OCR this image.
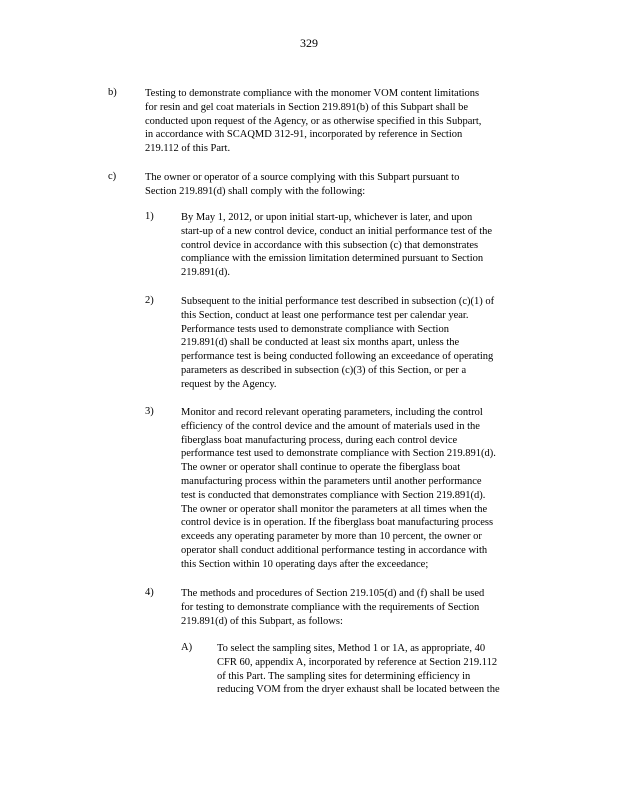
329
b)	Testing to demonstrate compliance with the monomer VOM content limitations
for resin and gel coat materials in Section 219.891(b) of this Subpart shall be
conducted upon request of the Agency, or as otherwise specified in this Subpart,
in accordance with SCAQMD 312-91, incorporated by reference in Section
219.112 of this Part.
c)	The owner or operator of a source complying with this Subpart pursuant to
Section 219.891(d) shall comply with the following:
1)	By May 1, 2012, or upon initial start-up, whichever is later, and upon
start-up of a new control device, conduct an initial performance test of the
control device in accordance with this subsection (c) that demonstrates
compliance with the emission limitation determined pursuant to Section
219.891(d).
2)	Subsequent to the initial performance test described in subsection (c)(1) of
this Section, conduct at least one performance test per calendar year.
Performance tests used to demonstrate compliance with Section
219.891(d) shall be conducted at least six months apart, unless the
performance test is being conducted following an exceedance of operating
parameters as described in subsection (c)(3) of this Section, or per a
request by the Agency.
3)	Monitor and record relevant operating parameters, including the control
efficiency of the control device and the amount of materials used in the
fiberglass boat manufacturing process, during each control device
performance test used to demonstrate compliance with Section 219.891(d).
The owner or operator shall continue to operate the fiberglass boat
manufacturing process within the parameters until another performance
test is conducted that demonstrates compliance with Section 219.891(d).
The owner or operator shall monitor the parameters at all times when the
control device is in operation. If the fiberglass boat manufacturing process
exceeds any operating parameter by more than 10 percent, the owner or
operator shall conduct additional performance testing in accordance with
this Section within 10 operating days after the exceedance;
4)	The methods and procedures of Section 219.105(d) and (f) shall be used
for testing to demonstrate compliance with the requirements of Section
219.891(d) of this Subpart, as follows:
A) To select the sampling sites, Method 1 or 1A, as appropriate, 40
CFR 60, appendix A, incorporated by reference at Section 219.112
of this Part. The sampling sites for determining efficiency in
reducing VOM from the dryer exhaust shall be located between the
